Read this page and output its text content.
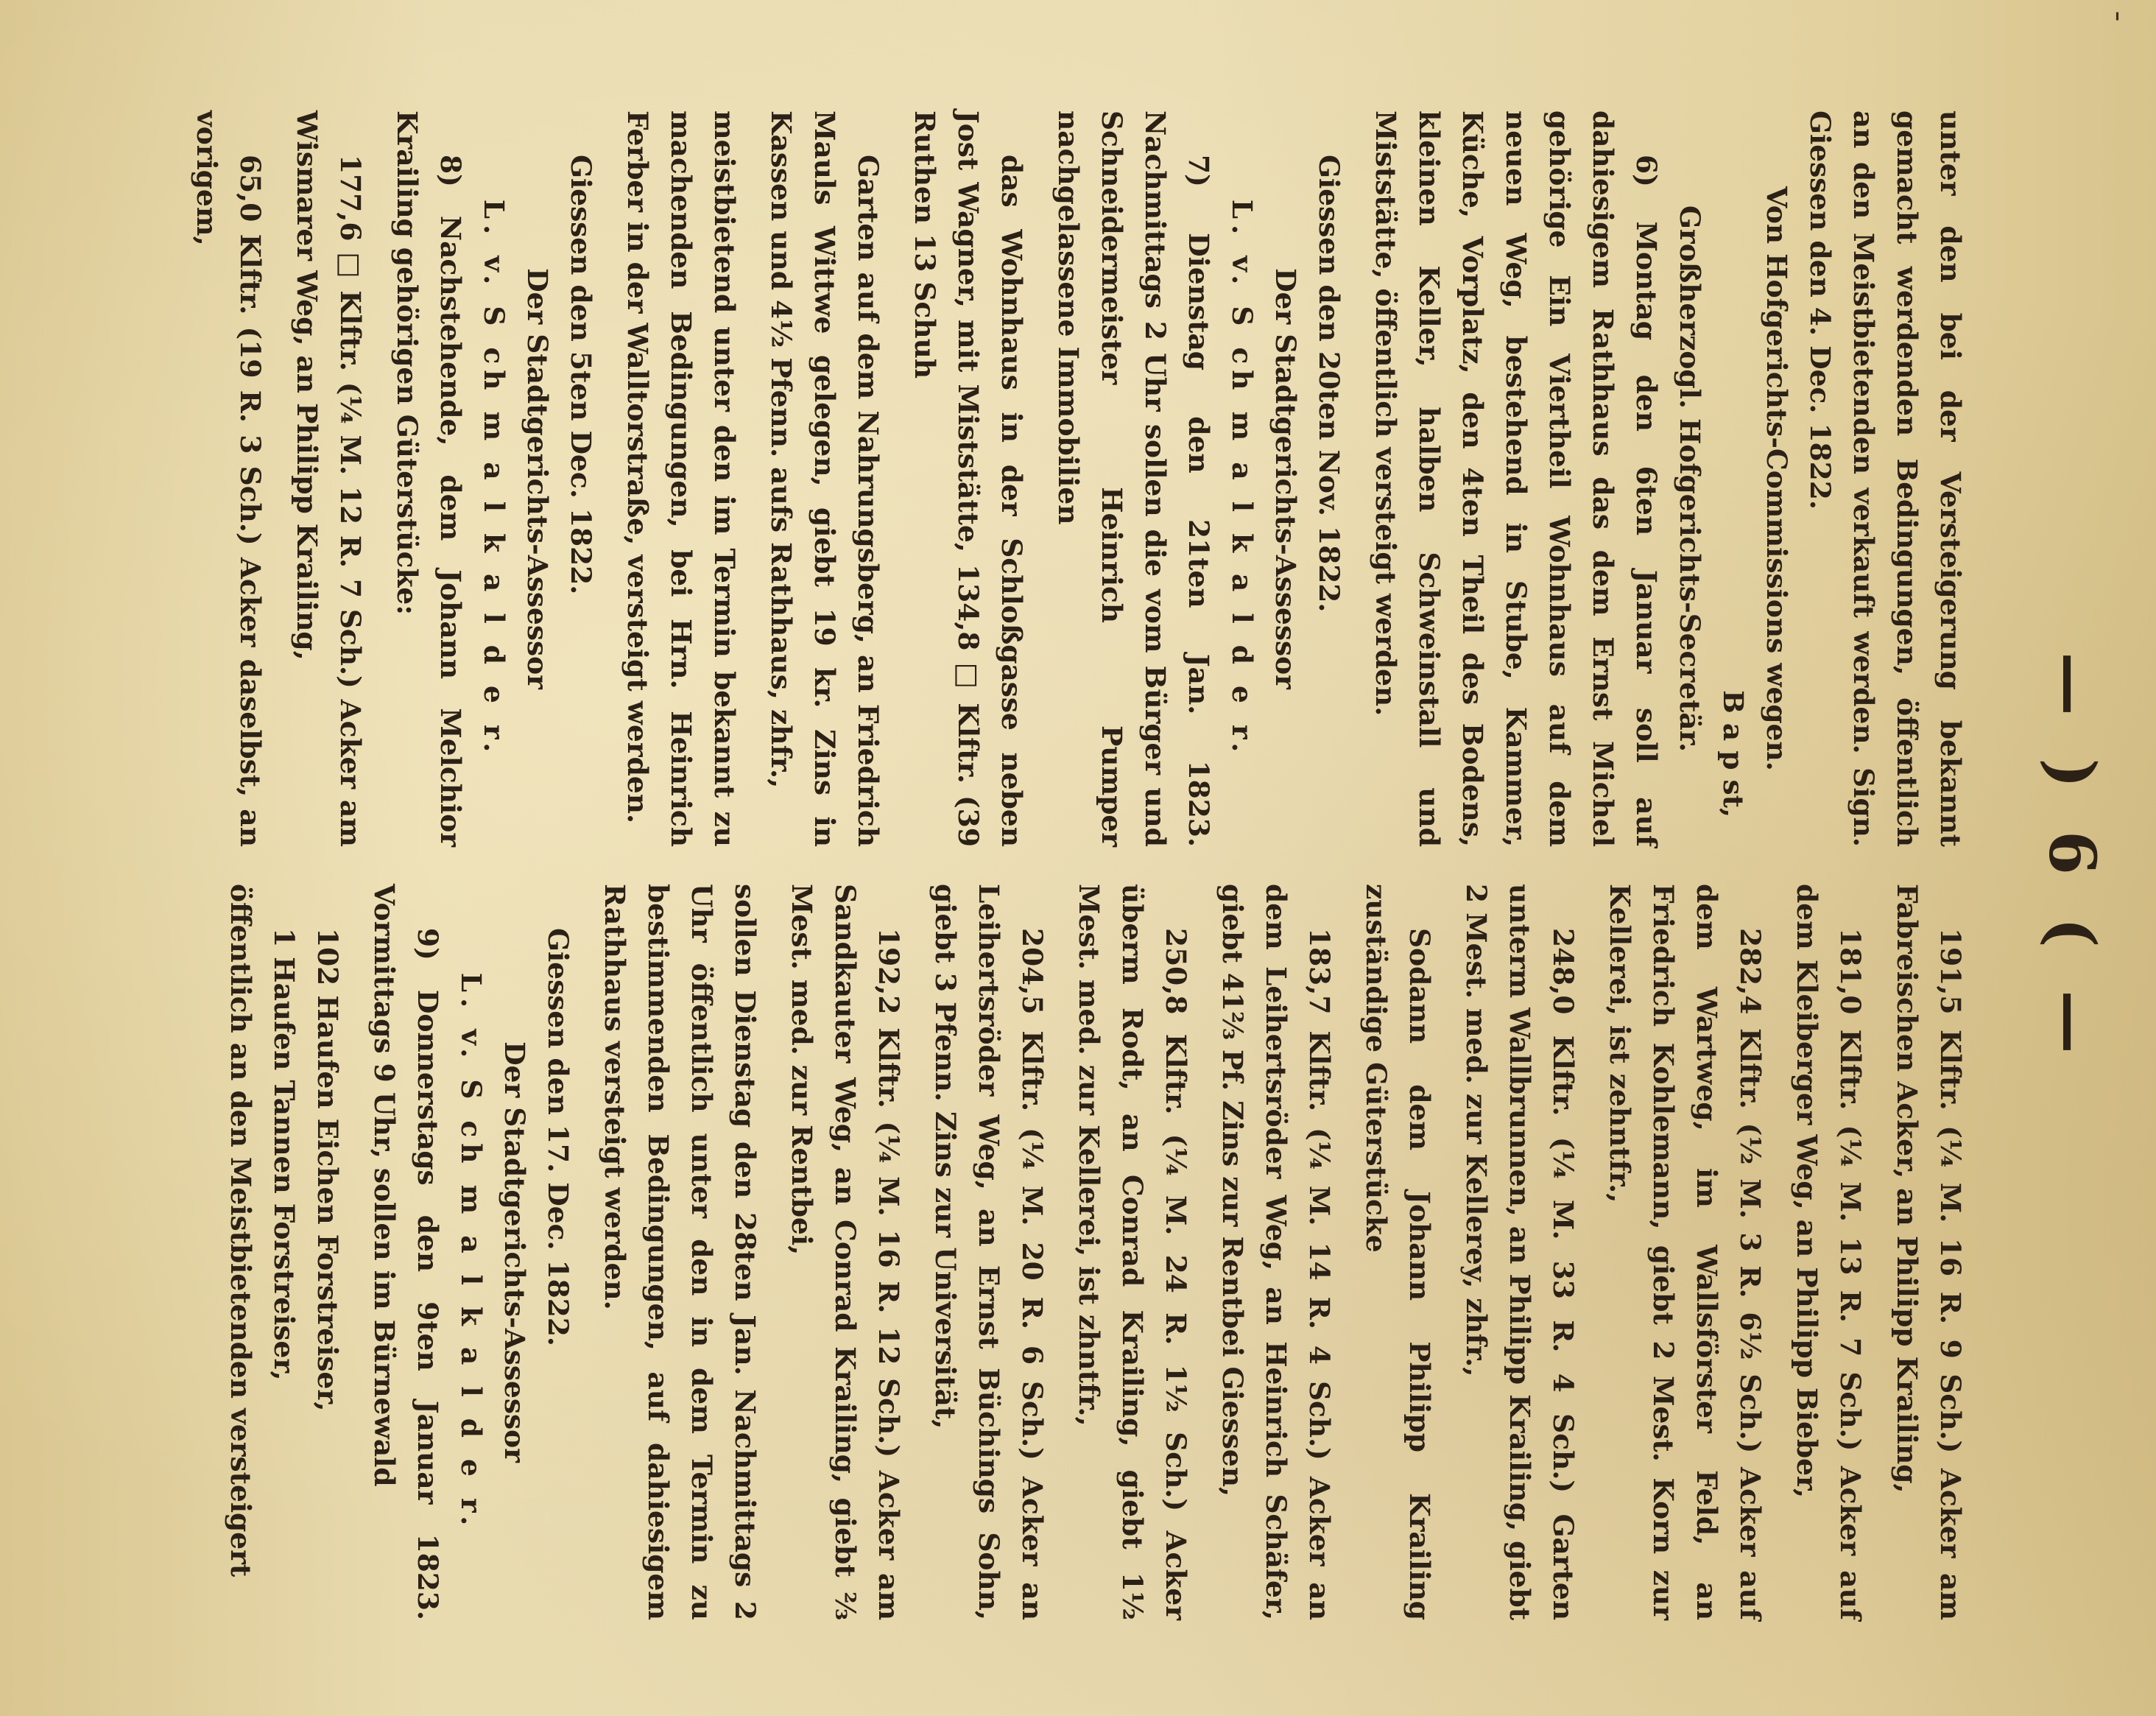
'
— ) 6 ( —

unter den bei der Versteigerung bekannt gemacht werdenden Bedingungen, öffentlich an den Meistbietenden verkauft werden. Sign. Giessen den 4. Dec. 1822.

Von Hofgerichts-Commissions wegen.

B a p st,

Großherzogl. Hofgerichts-Secretär.

6) Montag den 6ten Januar soll auf dahiesigem Rathhaus das dem Ernst Michel gehörige Ein Viertheil Wohnhaus auf dem neuen Weg, bestehend in Stube, Kammer, Küche, Vorplatz, den 4ten Theil des Bodens, kleinen Keller, halben Schweinstall und Miststätte, öffentlich versteigt werden.

Giessen den 20ten Nov. 1822.

Der Stadtgerichts-Assessor

L. v. S ch m a l k a l d e r.

7) Dienstag den 21ten Jan. 1823. Nachmittags 2 Uhr sollen die vom Bürger und Schneidermeister Heinrich Pumper nachgelassene Immobilien

das Wohnhaus in der Schloßgasse neben Jost Wagner, mit Miststätte, 134,8 □ Klftr. (39 Ruthen 13 Schuh

Garten auf dem Nahrungsberg, an Friedrich Mauls Wittwe gelegen, giebt 19 kr. Zins in Kassen und 4½ Pfenn. aufs Rathhaus, zhfr.,

meistbietend unter den im Termin bekannt zu machenden Bedingungen, bei Hrn. Heinrich Ferber in der Walltorstraße, versteigt werden.

Giessen den 5ten Dec. 1822.

Der Stadtgerichts-Assessor

L. v. S ch m a l k a l d e r.

8) Nachstehende, dem Johann Melchior Krailing gehörigen Güterstücke:

177,6 □ Klftr. (¼ M. 12 R. 7 Sch.) Acker am Wismarer Weg, an Philipp Krailing,

65,0 Klftr. (19 R. 3 Sch.) Acker daselbst, an vorigem,

191,5 Klftr. (¼ M. 16 R. 9 Sch.) Acker am Fabreischen Acker, an Philipp Krailing,

181,0 Klftr. (¼ M. 13 R. 7 Sch.) Acker auf dem Kleiberger Weg, an Philipp Bieber,

282,4 Klftr. (½ M. 3 R. 6½ Sch.) Acker auf dem Wartweg, im Wallsförster Feld, an Friedrich Kohlemann, giebt 2 Mest. Korn zur Kellerei, ist zehntfr.,

248,0 Klftr. (¼ M. 33 R. 4 Sch.) Garten unterm Wallbrunnen, an Philipp Krailing, giebt 2 Mest. med. zur Kellerey, zhfr.,

Sodann dem Johann Philipp Krailing zuständige Güterstücke

183,7 Klftr. (¼ M. 14 R. 4 Sch.) Acker an dem Leihertsröder Weg, an Heinrich Schäfer, giebt 41⅔ Pf. Zins zur Rentbei Giessen,

250,8 Klftr. (¼ M. 24 R. 1½ Sch.) Acker überm Rodt, an Conrad Krailing, giebt 1½ Mest. med. zur Kellerei, ist zhntfr.,

204,5 Klftr. (¼ M. 20 R. 6 Sch.) Acker an Leihertsröder Weg, an Ernst Büchings Sohn, giebt 3 Pfenn. Zins zur Universität,

192,2 Klftr. (¼ M. 16 R. 12 Sch.) Acker am Sandkauter Weg, an Conrad Krailing, giebt ⅔ Mest. med. zur Rentbei,

sollen Dienstag den 28ten Jan. Nachmittags 2 Uhr öffentlich unter den in dem Termin zu bestimmenden Bedingungen, auf dahiesigem Rathhaus versteigt werden.

Giessen den 17. Dec. 1822.

Der Stadtgerichts-Assessor

L. v. S ch m a l k a l d e r.

9) Donnerstags den 9ten Januar 1823. Vormittags 9 Uhr, sollen im Bürnewald

102 Haufen Eichen Forstreiser,

1 Haufen Tannen Forstreiser,

öffentlich an den Meistbietenden versteigert
